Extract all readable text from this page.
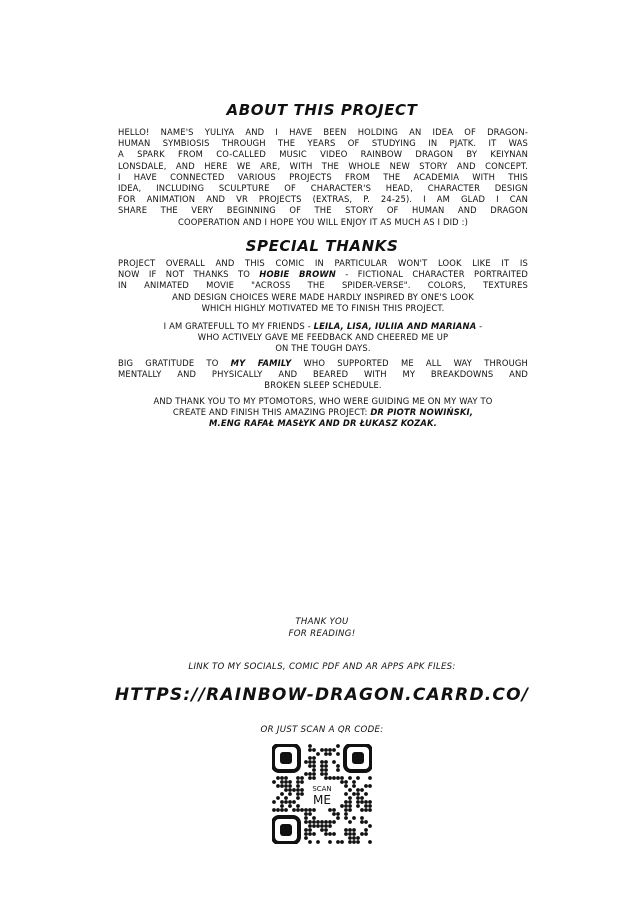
ABOUT THIS PROJECT
HELLO! NAME'S YULIYA AND I HAVE BEEN HOLDING AN IDEA OF DRAGON-
HUMAN SYMBIOSIS THROUGH THE YEARS OF STUDYING IN PJATK. IT WAS
A SPARK FROM CO-CALLED MUSIC VIDEO RAINBOW DRAGON BY KEIYNAN
LONSDALE, AND HERE WE ARE, WITH THE WHOLE NEW STORY AND CONCEPT.
I HAVE CONNECTED VARIOUS PROJECTS FROM THE ACADEMIA WITH THIS
IDEA, INCLUDING SCULPTURE OF CHARACTER'S HEAD, CHARACTER DESIGN
FOR ANIMATION AND VR PROJECTS (EXTRAS, P. 24-25). I AM GLAD I CAN
SHARE THE VERY BEGINNING OF THE STORY OF HUMAN AND DRAGON
COOPERATION AND I HOPE YOU WILL ENJOY IT AS MUCH AS I DID :)
SPECIAL THANKS
PROJECT OVERALL AND THIS COMIC IN PARTICULAR WON'T LOOK LIKE IT IS
NOW IF NOT THANKS TO HOBIE BROWN - FICTIONAL CHARACTER PORTRAITED
IN ANIMATED MOVIE "ACROSS THE SPIDER-VERSE". COLORS, TEXTURES
AND DESIGN CHOICES WERE MADE HARDLY INSPIRED BY ONE'S LOOK
WHICH HIGHLY MOTIVATED ME TO FINISH THIS PROJECT.
I AM GRATEFULL TO MY FRIENDS - LEILA, LISA, IULIIA AND MARIANA -
WHO ACTIVELY GAVE ME FEEDBACK AND CHEERED ME UP
ON THE TOUGH DAYS.
BIG GRATITUDE TO MY FAMILY WHO SUPPORTED ME ALL WAY THROUGH
MENTALLY AND PHYSICALLY AND BEARED WITH MY BREAKDOWNS AND
BROKEN SLEEP SCHEDULE.
AND THANK YOU TO MY PTOMOTORS, WHO WERE GUIDING ME ON MY WAY TO
CREATE AND FINISH THIS AMAZING PROJECT: DR PIOTR NOWIŃSKI,
M.ENG RAFAŁ MASŁYK AND DR ŁUKASZ KOZAK.
THANK YOU
FOR READING!
LINK TO MY SOCIALS, COMIC PDF AND AR APPS APK FILES:
HTTPS://RAINBOW-DRAGON.CARRD.CO/
OR JUST SCAN A QR CODE:
SCAN
ME
